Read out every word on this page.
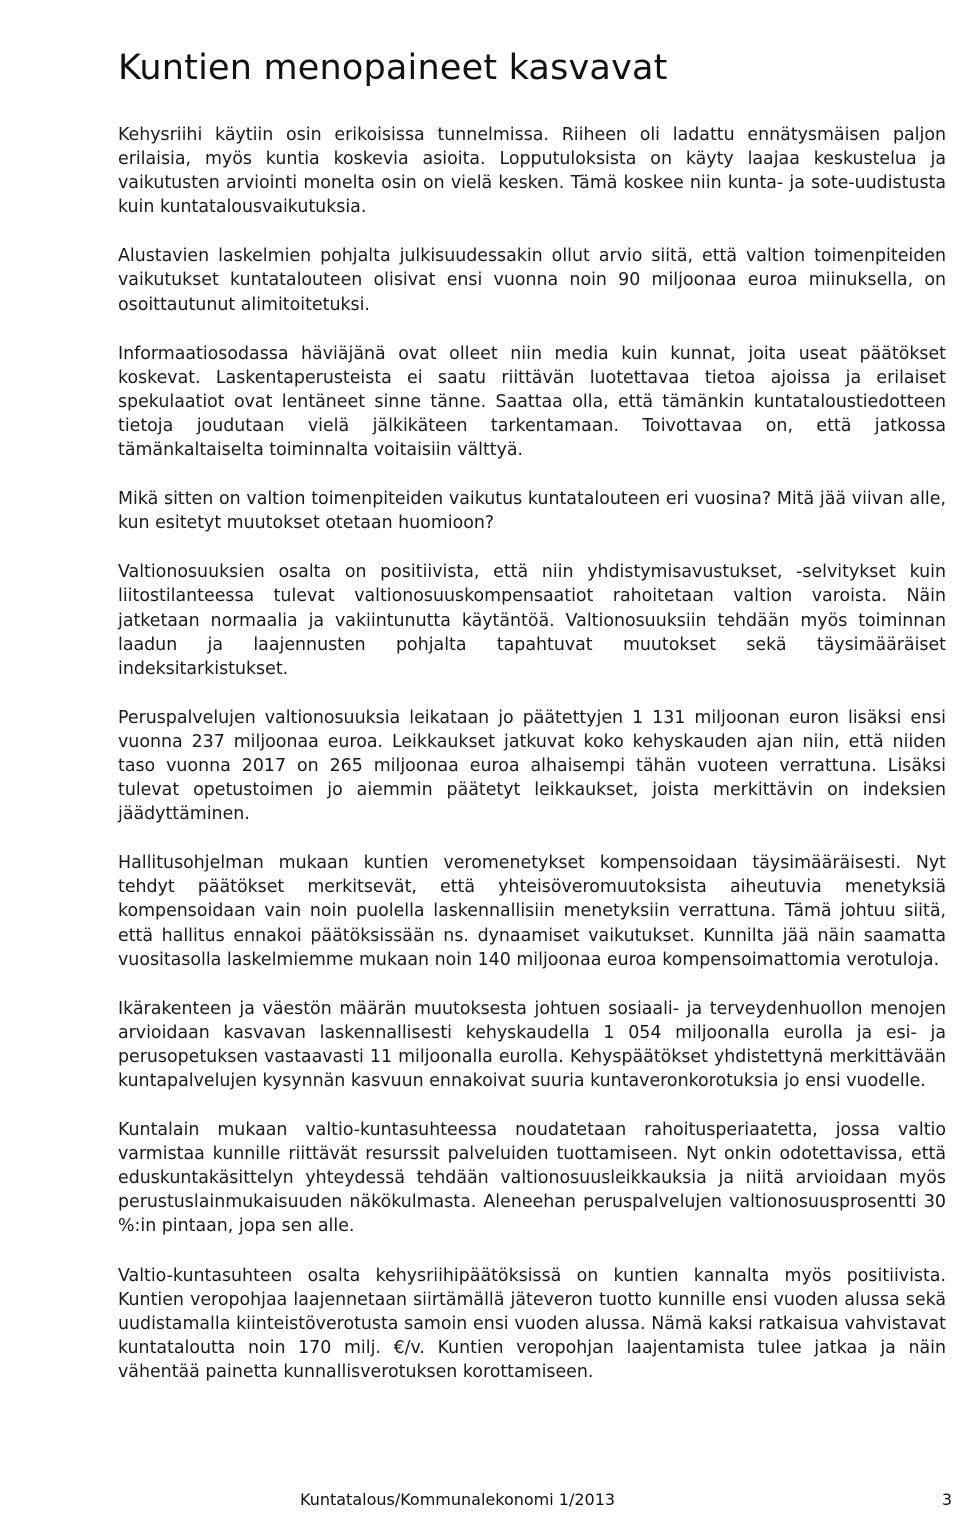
Kuntien menopaineet kasvavat

Kehysriihi käytiin osin erikoisissa tunnelmissa. Riiheen oli ladattu ennätysmäisen paljon erilaisia, myös kuntia koskevia asioita. Lopputuloksista on käyty laajaa keskustelua ja vaikutusten arviointi monelta osin on vielä kesken. Tämä koskee niin kunta- ja sote-uudistusta kuin kuntatalousvaikutuksia.

Alustavien laskelmien pohjalta julkisuudessakin ollut arvio siitä, että valtion toimenpiteiden vaikutukset kuntatalouteen olisivat ensi vuonna noin 90 miljoonaa euroa miinuksella, on osoittautunut alimitoitetuksi.

Informaatiosodassa häviäjänä ovat olleet niin media kuin kunnat, joita useat päätökset koskevat. Laskentaperusteista ei saatu riittävän luotettavaa tietoa ajoissa ja erilaiset spekulaatiot ovat lentäneet sinne tänne. Saattaa olla, että tämänkin kuntataloustiedotteen tietoja joudutaan vielä jälkikäteen tarkentamaan. Toivottavaa on, että jatkossa tämänkaltaiselta toiminnalta voitaisiin välttyä.

Mikä sitten on valtion toimenpiteiden vaikutus kuntatalouteen eri vuosina? Mitä jää viivan alle, kun esitetyt muutokset otetaan huomioon?

Valtionosuuksien osalta on positiivista, että niin yhdistymisavustukset, -selvitykset kuin liitostilanteessa tulevat valtionosuuskompensaatiot rahoitetaan valtion varoista. Näin jatketaan normaalia ja vakiintunutta käytäntöä. Valtionosuuksiin tehdään myös toiminnan laadun ja laajennusten pohjalta tapahtuvat muutokset sekä täysimääräiset indeksitarkistukset.

Peruspalvelujen valtionosuuksia leikataan jo päätettyjen 1 131 miljoonan euron lisäksi ensi vuonna 237 miljoonaa euroa. Leikkaukset jatkuvat koko kehyskauden ajan niin, että niiden taso vuonna 2017 on 265 miljoonaa euroa alhaisempi tähän vuoteen verrattuna. Lisäksi tulevat opetustoimen jo aiemmin päätetyt leikkaukset, joista merkittävin on indeksien jäädyttäminen.

Hallitusohjelman mukaan kuntien veromenetykset kompensoidaan täysimääräisesti. Nyt tehdyt päätökset merkitsevät, että yhteisöveromuutoksista aiheutuvia menetyksiä kompensoidaan vain noin puolella laskennallisiin menetyksiin verrattuna. Tämä johtuu siitä, että hallitus ennakoi päätöksissään ns. dynaamiset vaikutukset. Kunnilta jää näin saamatta vuositasolla laskelmiemme mukaan noin 140 miljoonaa euroa kompensoimattomia verotuloja.

Ikärakenteen ja väestön määrän muutoksesta johtuen sosiaali- ja terveydenhuollon menojen arvioidaan kasvavan laskennallisesti kehyskaudella 1 054 miljoonalla eurolla ja esi- ja perusopetuksen vastaavasti 11 miljoonalla eurolla. Kehyspäätökset yhdistettynä merkittävään kuntapalvelujen kysynnän kasvuun ennakoivat suuria kuntaveronkorotuksia jo ensi vuodelle.

Kuntalain mukaan valtio-kuntasuhteessa noudatetaan rahoitusperiaatetta, jossa valtio varmistaa kunnille riittävät resurssit palveluiden tuottamiseen. Nyt onkin odotettavissa, että eduskuntakäsittelyn yhteydessä tehdään valtionosuusleikkauksia ja niitä arvioidaan myös perustuslainmukaisuuden näkökulmasta. Aleneehan peruspalvelujen valtionosuusprosentti 30 %:in pintaan, jopa sen alle.

Valtio-kuntasuhteen osalta kehysriihipäätöksissä on kuntien kannalta myös positiivista. Kuntien veropohjaa laajennetaan siirtämällä jäteveron tuotto kunnille ensi vuoden alussa sekä uudistamalla kiinteistöverotusta samoin ensi vuoden alussa. Nämä kaksi ratkaisua vahvistavat kuntataloutta noin 170 milj. €/v. Kuntien veropohjan laajentamista tulee jatkaa ja näin vähentää painetta kunnallisverotuksen korottamiseen.

Kuntatalous/Kommunalekonomi 1/2013	3
